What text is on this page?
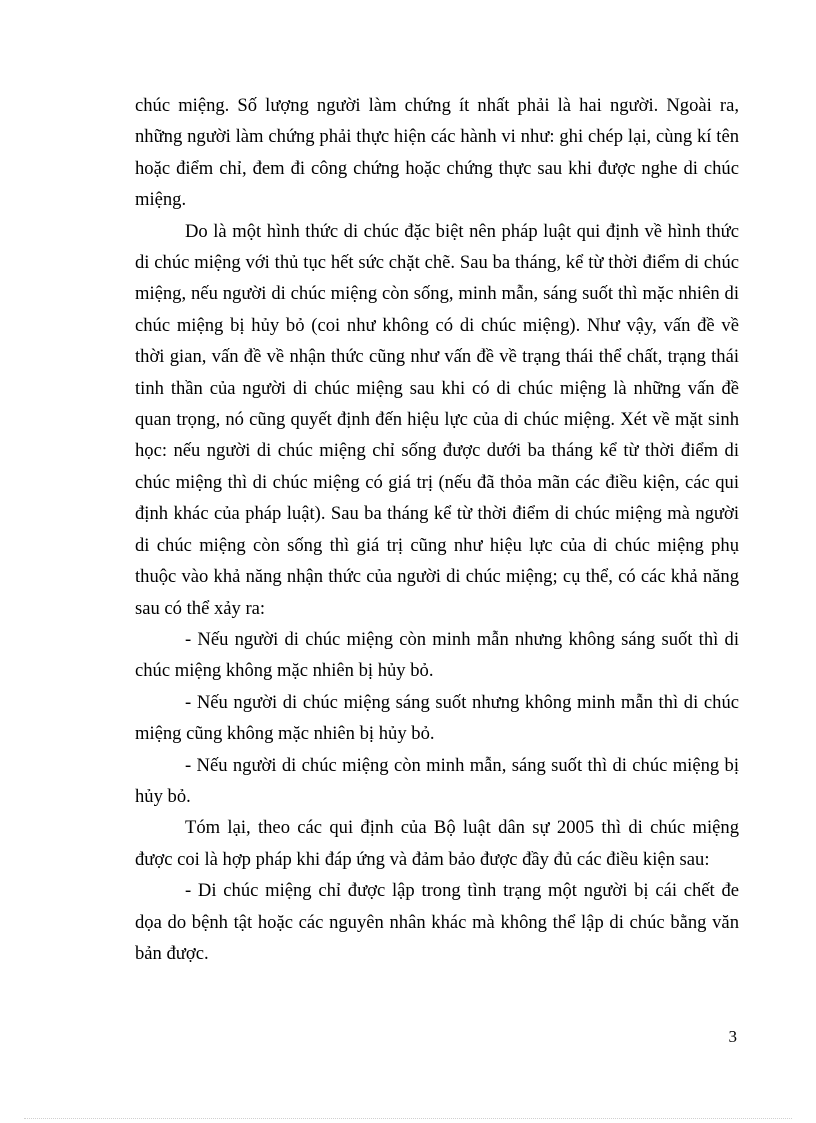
chúc miệng. Số lượng người làm chứng ít nhất phải là hai người. Ngoài ra, những người làm chứng phải thực hiện các hành vi như: ghi chép lại, cùng kí tên hoặc điểm chỉ, đem đi công chứng hoặc chứng thực sau khi được nghe di chúc miệng.

Do là một hình thức di chúc đặc biệt nên pháp luật qui định về hình thức di chúc miệng với thủ tục hết sức chặt chẽ. Sau ba tháng, kể từ thời điểm di chúc miệng, nếu người di chúc miệng còn sống, minh mẫn, sáng suốt thì mặc nhiên di chúc miệng bị hủy bỏ (coi như không có di chúc miệng). Như vậy, vấn đề về thời gian, vấn đề về nhận thức cũng như vấn đề về trạng thái thể chất, trạng thái tinh thần của người di chúc miệng sau khi có di chúc miệng là những vấn đề quan trọng, nó cũng quyết định đến hiệu lực của di chúc miệng. Xét về mặt sinh học: nếu người di chúc miệng chỉ sống được dưới ba tháng kể từ thời điểm di chúc miệng thì di chúc miệng có giá trị (nếu đã thỏa mãn các điều kiện, các qui định khác của pháp luật). Sau ba tháng kể từ thời điểm di chúc miệng mà người di chúc miệng còn sống thì giá trị cũng như hiệu lực của di chúc miệng phụ thuộc vào khả năng nhận thức của người di chúc miệng; cụ thể, có các khả năng sau có thể xảy ra:

- Nếu người di chúc miệng còn minh mẫn nhưng không sáng suốt thì di chúc miệng không mặc nhiên bị hủy bỏ.

- Nếu người di chúc miệng sáng suốt nhưng không minh mẫn thì di chúc miệng cũng không mặc nhiên bị hủy bỏ.

- Nếu người di chúc miệng còn minh mẫn, sáng suốt thì di chúc miệng bị hủy bỏ.

Tóm lại, theo các qui định của Bộ luật dân sự 2005 thì di chúc miệng được coi là hợp pháp khi đáp ứng và đảm bảo được đầy đủ các điều kiện sau:

- Di chúc miệng chỉ được lập trong tình trạng một người bị cái chết đe dọa do bệnh tật hoặc các nguyên nhân khác mà không thể lập di chúc bằng văn bản được.

3
